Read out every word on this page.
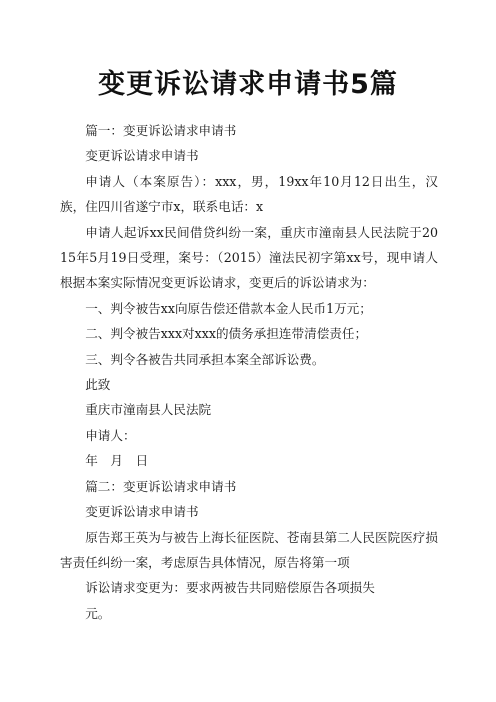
变更诉讼请求申请书5篇

篇一：变更诉讼请求申请书

变更诉讼请求申请书

申请人（本案原告）：xxx，男，19xx年10月12日出生，汉族，住四川省遂宁市x，联系电话：x

申请人起诉xx民间借贷纠纷一案，重庆市潼南县人民法院于2015年5月19日受理，案号：（2015）潼法民初字第xx号，现申请人根据本案实际情况变更诉讼请求，变更后的诉讼请求为：

一、判令被告xx向原告偿还借款本金人民币1万元；

二、判令被告xxx对xxx的债务承担连带清偿责任；

三、判令各被告共同承担本案全部诉讼费。

此致

重庆市潼南县人民法院

申请人：

年　月　日

篇二：变更诉讼请求申请书

变更诉讼请求申请书

原告郑王英为与被告上海长征医院、苍南县第二人民医院医疗损害责任纠纷一案，考虑原告具体情况，原告将第一项

诉讼请求变更为：要求两被告共同赔偿原告各项损失

元。
